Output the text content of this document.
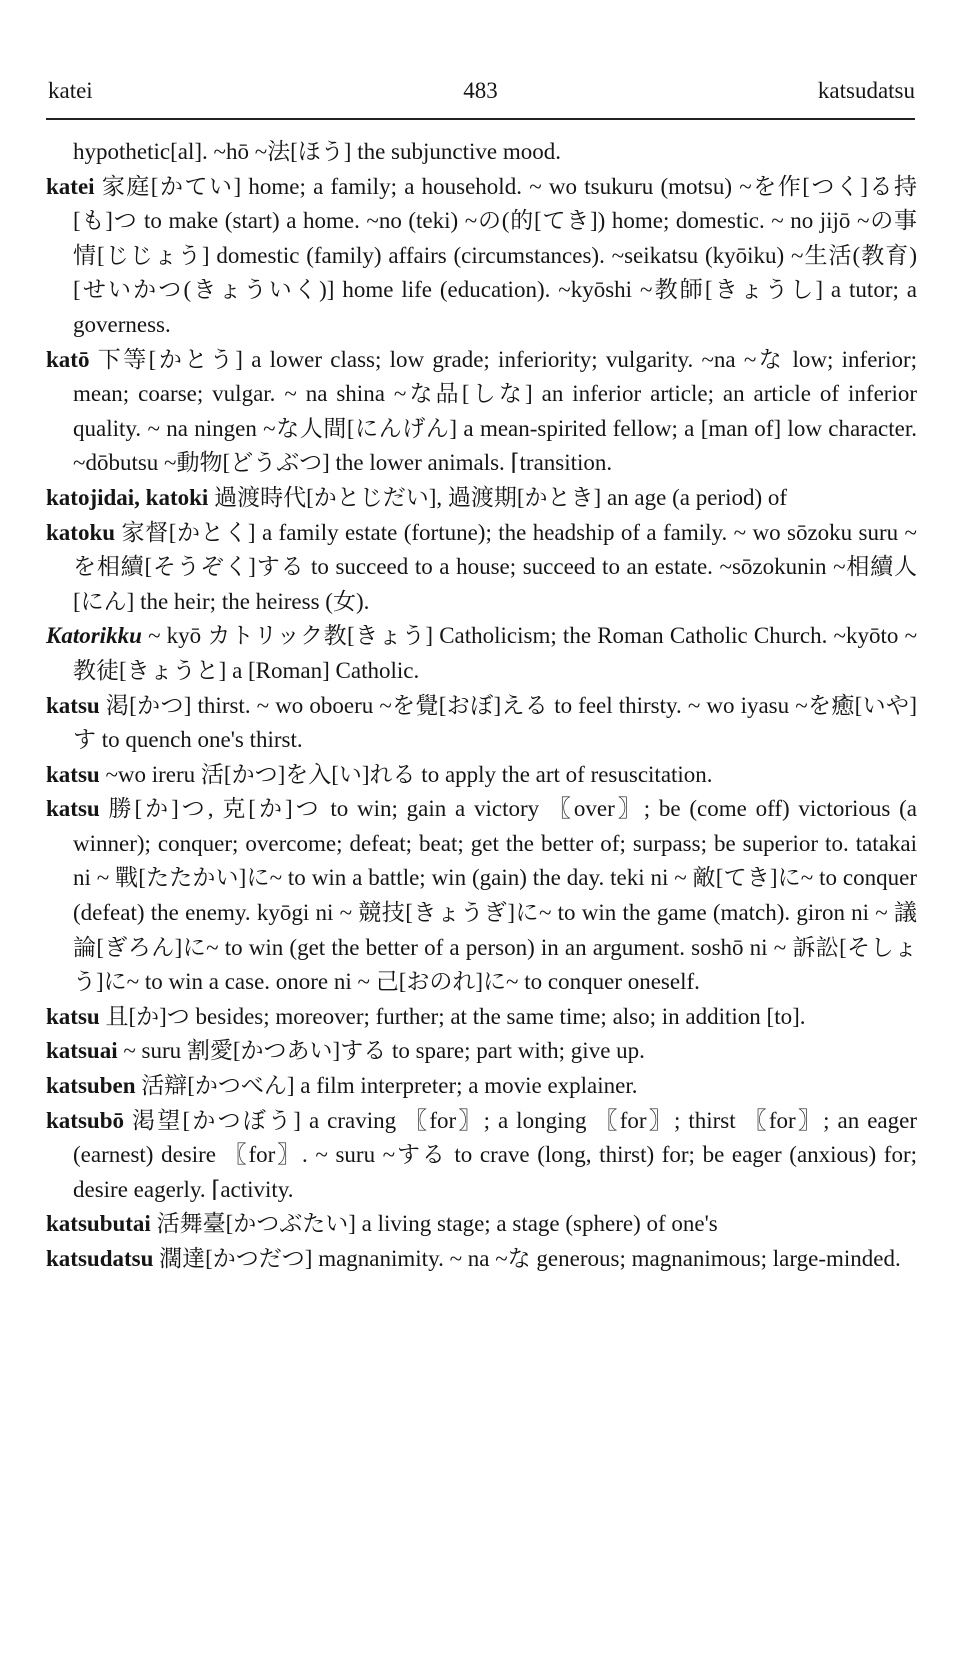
483
katei	katsudatsu

hypothetic[al]. ~hō ~法[ほう] the subjunctive mood.

katei 家庭[かてい] home; a family; a household. ~ wo tsukuru (motsu) ~を作[つく]る持[も]つ to make (start) a home. ~no (teki) ~の(的[てき]) home; domestic. ~ no jijō ~の事情[じじょう] domestic (family) affairs (circumstances). ~seikatsu (kyōiku) ~生活(教育)[せいかつ(きょういく)] home life (education). ~kyōshi ~教師[きょうし] a tutor; a governess.

katō 下等[かとう] a lower class; low grade; inferiority; vulgarity. ~na ~な low; inferior; mean; coarse; vulgar. ~ na shina ~な品[しな] an inferior article; an article of inferior quality. ~ na ningen ~な人間[にんげん] a mean-spirited fellow; a [man of] low character. ~dōbutsu ~動物[どうぶつ] the lower animals. ⌈transition.

katojidai, katoki 過渡時代[かとじだい], 過渡期[かとき] an age (a period) of

katoku 家督[かとく] a family estate (fortune); the headship of a family. ~ wo sōzoku suru ~を相續[そうぞく]する to succeed to a house; succeed to an estate. ~sōzokunin ~相續人[にん] the heir; the heiress (女).

Katorikku ~ kyō カトリック教[きょう] Catholicism; the Roman Catholic Church. ~kyōto ~教徒[きょうと] a [Roman] Catholic.

katsu 渇[かつ] thirst. ~ wo oboeru ~を覺[おぼ]える to feel thirsty. ~ wo iyasu ~を癒[いや]す to quench one's thirst.

katsu ~wo ireru 活[かつ]を入[い]れる to apply the art of resuscitation.

katsu 勝[か]つ, 克[か]つ to win; gain a victory 〖over〗; be (come off) victorious (a winner); conquer; overcome; defeat; beat; get the better of; surpass; be superior to. tatakai ni ~ 戰[たたかい]に~ to win a battle; win (gain) the day. teki ni ~ 敵[てき]に~ to conquer (defeat) the enemy. kyōgi ni ~ 競技[きょうぎ]に~ to win the game (match). giron ni ~ 議論[ぎろん]に~ to win (get the better of a person) in an argument. soshō ni ~ 訴訟[そしょう]に~ to win a case. onore ni ~ 己[おのれ]に~ to conquer oneself.

katsu 且[か]つ besides; moreover; further; at the same time; also; in addition [to].

katsuai ~ suru 割愛[かつあい]する to spare; part with; give up.

katsuben 活辯[かつべん] a film interpreter; a movie explainer.

katsubō 渇望[かつぼう] a craving 〖for〗; a longing 〖for〗; thirst 〖for〗; an eager (earnest) desire 〖for〗. ~ suru ~する to crave (long, thirst) for; be eager (anxious) for; desire eagerly. ⌈activity.

katsubutai 活舞臺[かつぶたい] a living stage; a stage (sphere) of one's

katsudatsu 濶達[かつだつ] magnanimity. ~ na ~な generous; magnanimous; large-minded.
